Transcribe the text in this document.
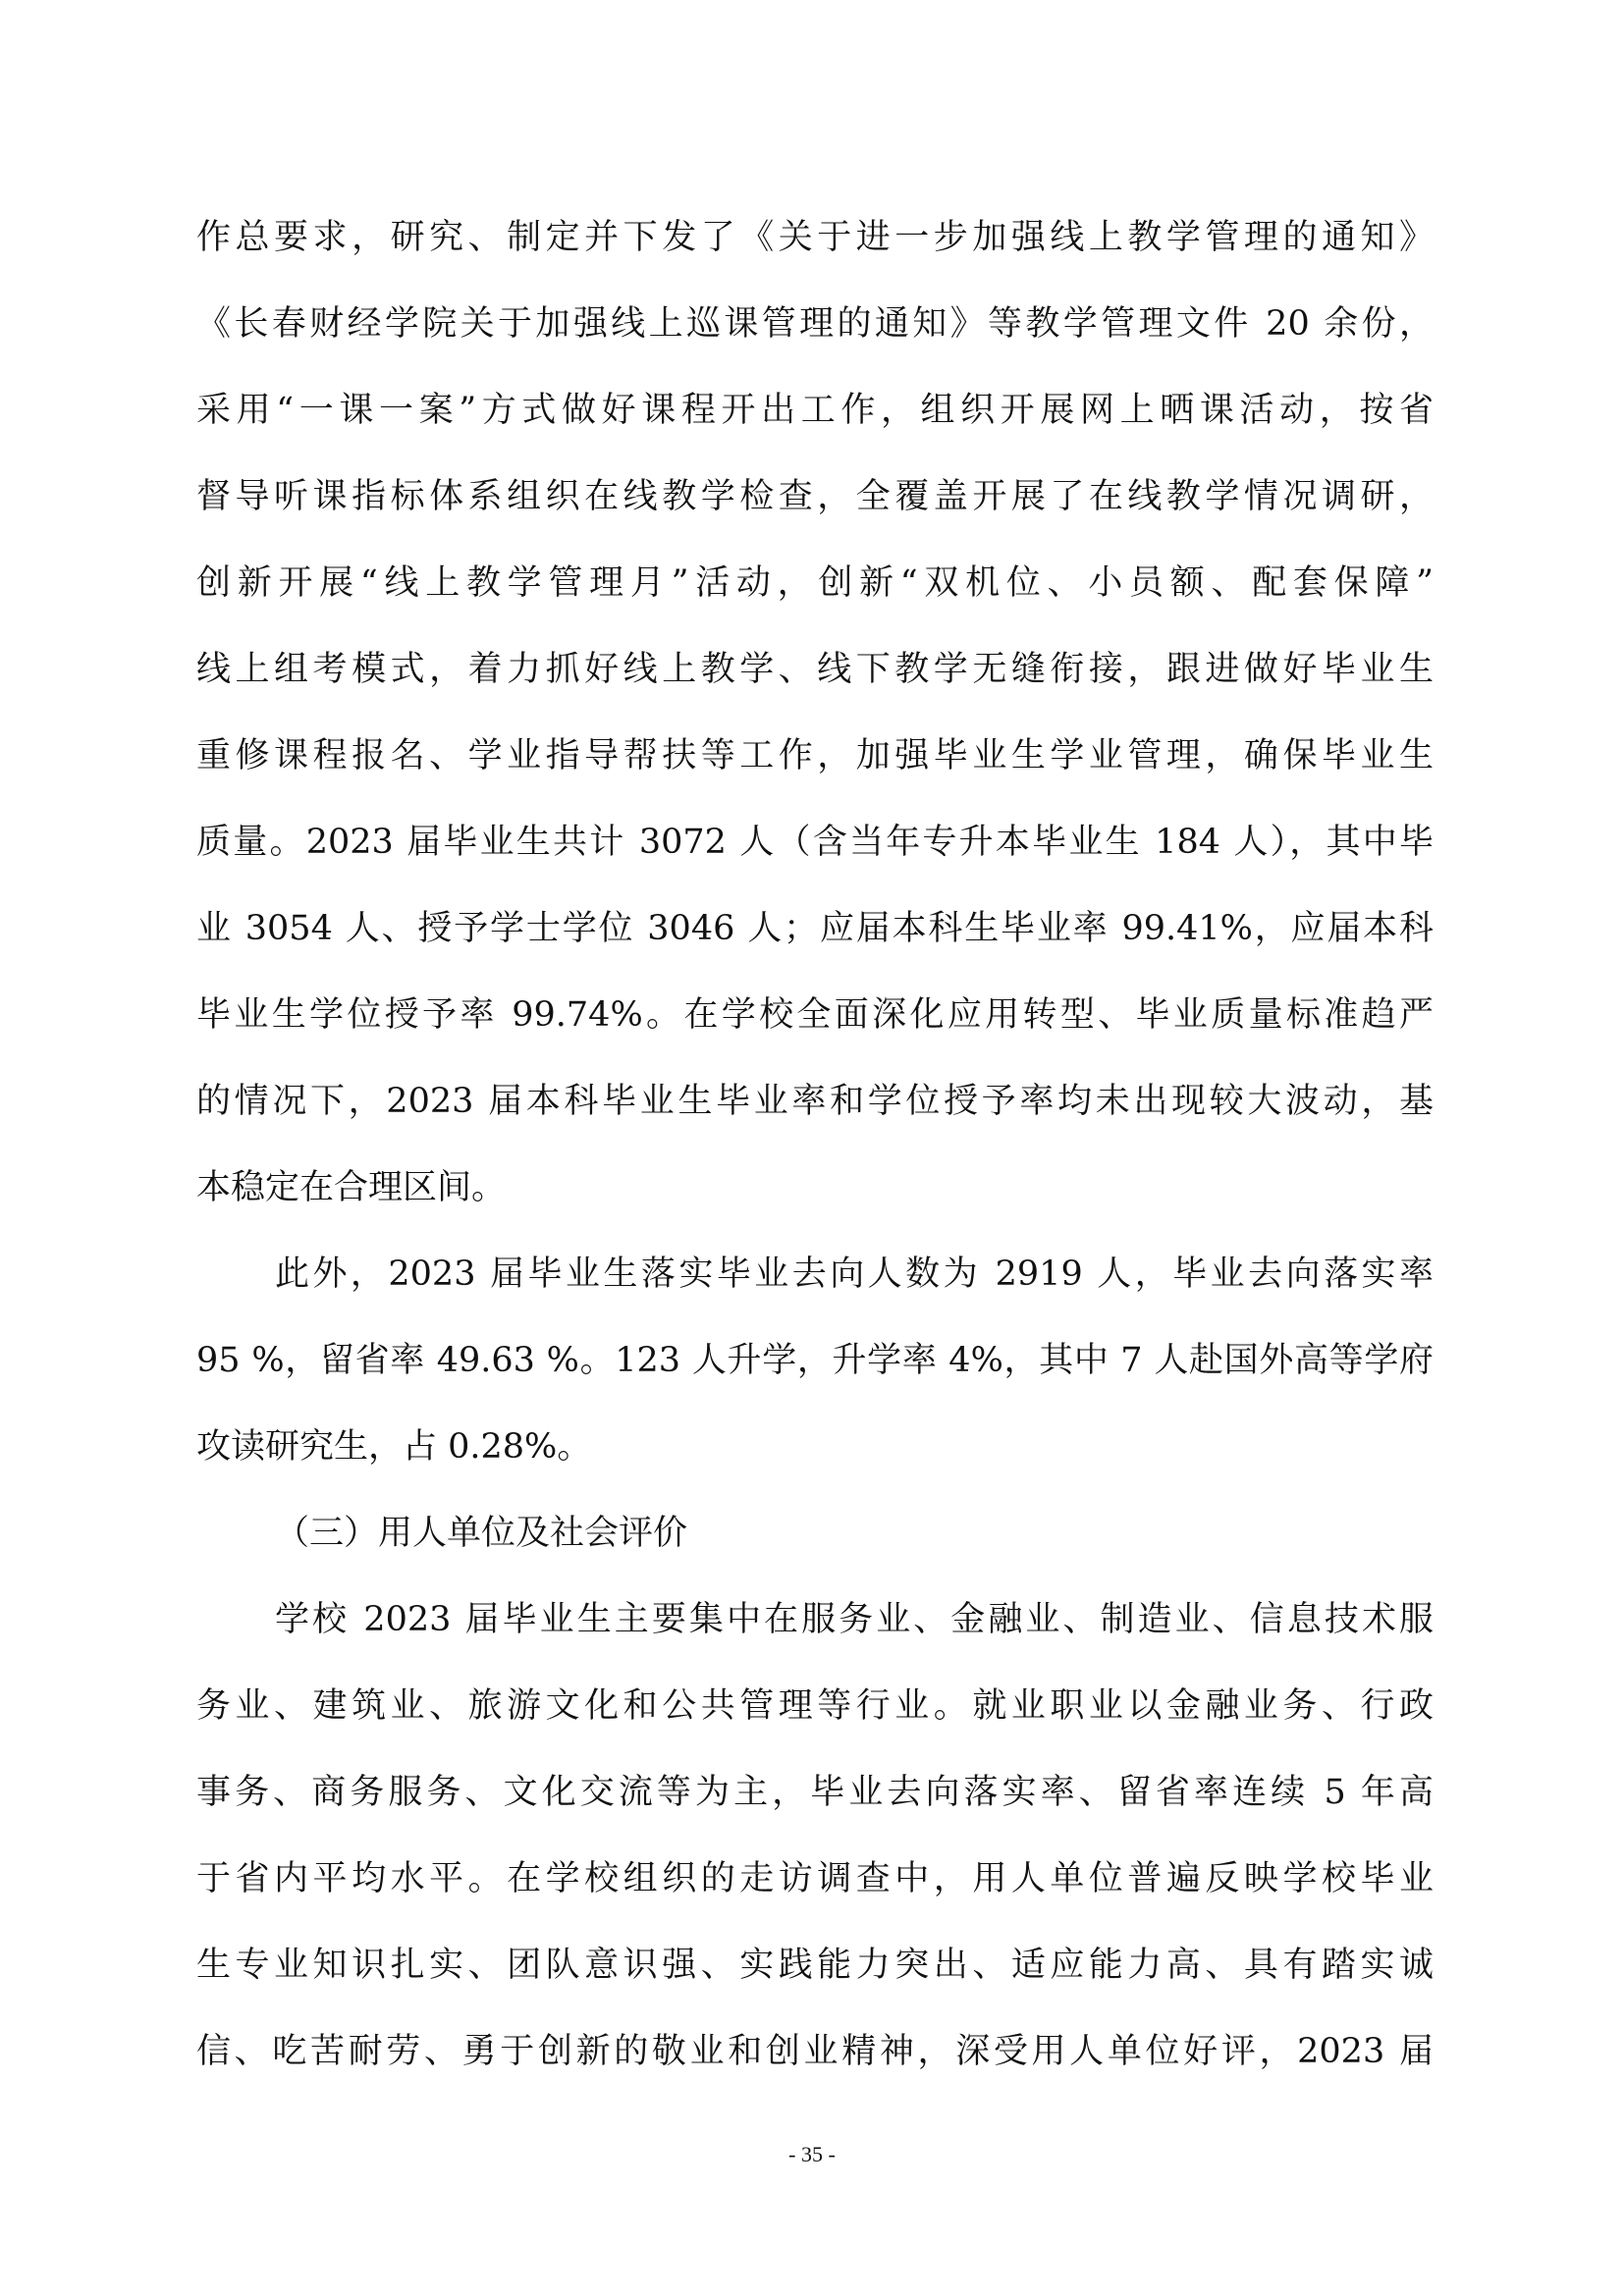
作总要求，研究、制定并下发了《关于进一步加强线上教学管理的通知》
《长春财经学院关于加强线上巡课管理的通知》等教学管理文件 20 余份，
采用“一课一案”方式做好课程开出工作，组织开展网上晒课活动，按省
督导听课指标体系组织在线教学检查，全覆盖开展了在线教学情况调研，
创新开展“线上教学管理月”活动，创新“双机位、小员额、配套保障”
线上组考模式，着力抓好线上教学、线下教学无缝衔接，跟进做好毕业生
重修课程报名、学业指导帮扶等工作，加强毕业生学业管理，确保毕业生
质量。2023 届毕业生共计 3072 人（含当年专升本毕业生 184 人），其中毕
业 3054 人、授予学士学位 3046 人；应届本科生毕业率 99.41%，应届本科
毕业生学位授予率 99.74%。在学校全面深化应用转型、毕业质量标准趋严
的情况下，2023 届本科毕业生毕业率和学位授予率均未出现较大波动，基
本稳定在合理区间。
此外，2023 届毕业生落实毕业去向人数为 2919 人，毕业去向落实率
95 %，留省率 49.63 %。123 人升学，升学率 4%，其中 7 人赴国外高等学府
攻读研究生，占 0.28%。
（三）用人单位及社会评价
学校 2023 届毕业生主要集中在服务业、金融业、制造业、信息技术服
务业、建筑业、旅游文化和公共管理等行业。就业职业以金融业务、行政
事务、商务服务、文化交流等为主，毕业去向落实率、留省率连续 5 年高
于省内平均水平。在学校组织的走访调查中，用人单位普遍反映学校毕业
生专业知识扎实、团队意识强、实践能力突出、适应能力高、具有踏实诚
信、吃苦耐劳、勇于创新的敬业和创业精神，深受用人单位好评，2023 届
- 35 -
